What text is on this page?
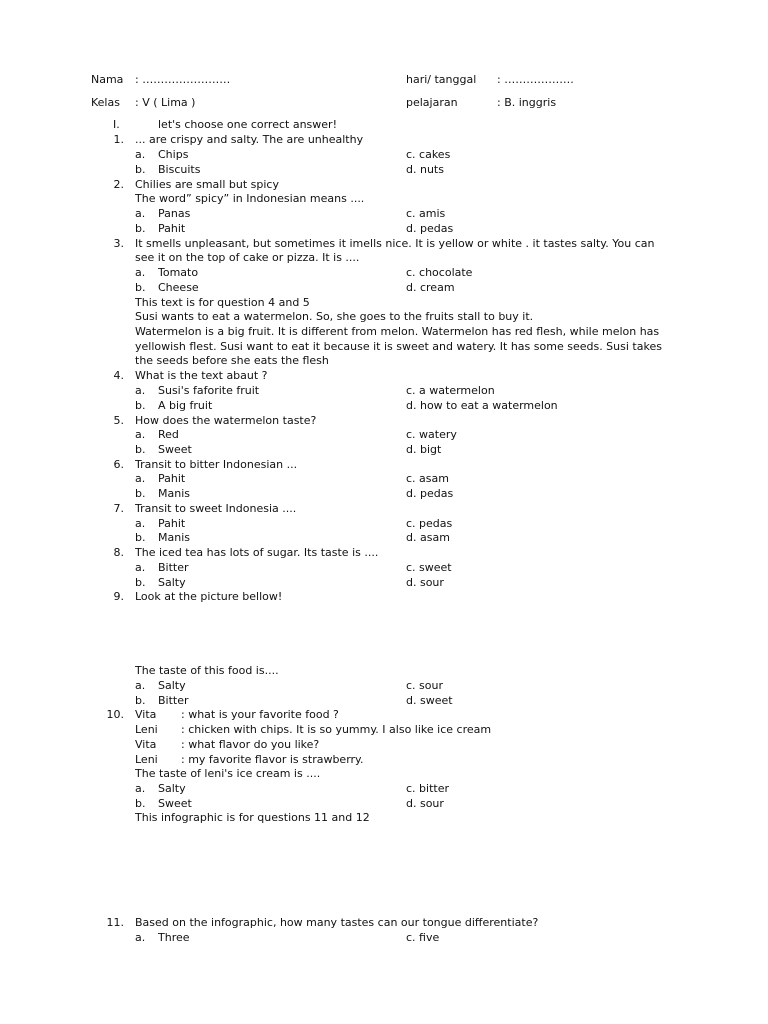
Nama : ……………………	hari/ tanggal : ……………….
Kelas : V ( Lima )	pelajaran	: B. inggris
I.	let's choose one correct answer!
1. ... are crispy and salty. The are unhealthy
a. Chips	c. cakes
b. Biscuits	d. nuts
2. Chilies are small but spicy
The word” spicy” in Indonesian means ....
a. Panas	c. amis
b. Pahit	d. pedas
3. It smells unpleasant, but sometimes it imells nice. It is yellow or white . it tastes salty. You can
see it on the top of cake or pizza. It is ....
a. Tomato	c. chocolate
b. Cheese	d. cream
This text is for question 4 and 5
Susi wants to eat a watermelon. So, she goes to the fruits stall to buy it.
Watermelon is a big fruit. It is different from melon. Watermelon has red flesh, while melon has
yellowish flest. Susi want to eat it because it is sweet and watery. It has some seeds. Susi takes
the seeds before she eats the flesh
4. What is the text abaut ?
a. Susi's faforite fruit	c. a watermelon
b. A big fruit	d. how to eat a watermelon
5. How does the watermelon taste?
a. Red	c. watery
b. Sweet	d. bigt
6. Transit to bitter Indonesian ...
a. Pahit	c. asam
b. Manis	d. pedas
7. Transit to sweet Indonesia ....
a. Pahit	c. pedas
b. Manis	d. asam
8. The iced tea has lots of sugar. Its taste is ....
a. Bitter	c. sweet
b. Salty	d. sour
9. Look at the picture bellow!
The taste of this food is....
a. Salty	c. sour
b. Bitter	d. sweet
10. Vita : what is your favorite food ?
Leni : chicken with chips. It is so yummy. I also like ice cream
Vita : what flavor do you like?
Leni : my favorite flavor is strawberry.
The taste of leni's ice cream is ....
a. Salty	c. bitter
b. Sweet	d. sour
This infographic is for questions 11 and 12
11. Based on the infographic, how many tastes can our tongue differentiate?
a. Three	c. five
